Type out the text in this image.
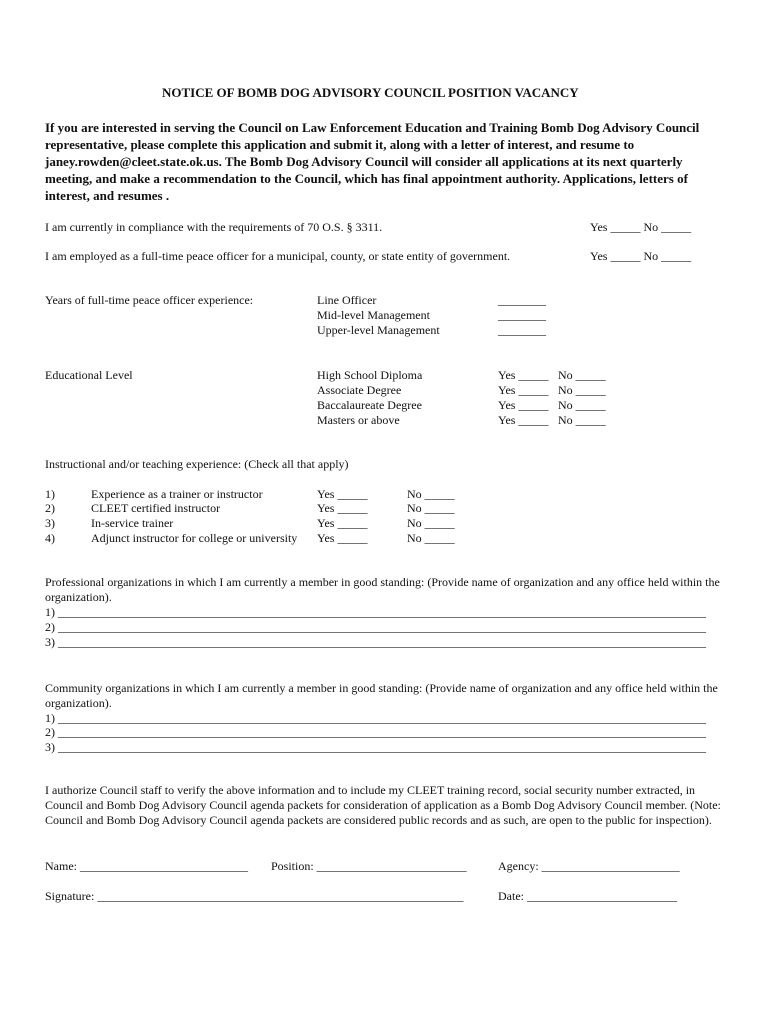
NOTICE OF BOMB DOG ADVISORY COUNCIL POSITION VACANCY
If you are interested in serving the Council on Law Enforcement Education and Training Bomb Dog Advisory Council representative, please complete this application and submit it, along with a letter of interest, and resume to janey.rowden@cleet.state.ok.us. The Bomb Dog Advisory Council will consider all applications at its next quarterly meeting, and make a recommendation to the Council, which has final appointment authority. Applications, letters of interest, and resumes .
I am currently in compliance with the requirements of 70 O.S. § 3311.	Yes _____ No _____
I am employed as a full-time peace officer for a municipal, county, or state entity of government.	Yes _____ No _____
Years of full-time peace officer experience:	Line Officer	________
Mid-level Management	________
Upper-level Management	________
Educational Level	High School Diploma	Yes _____ No _____
Associate Degree	Yes _____ No _____
Baccalaureate Degree	Yes _____ No _____
Masters or above	Yes _____ No _____
Instructional and/or teaching experience: (Check all that apply)
1)	Experience as a trainer or instructor	Yes _____	No _____
2)	CLEET certified instructor	Yes _____	No _____
3)	In-service trainer	Yes _____	No _____
4)	Adjunct instructor for college or university Yes _____	No _____
Professional organizations in which I am currently a member in good standing: (Provide name of organization and any office held within the organization).
1) ____________________________________________________________________________________________________________
2) ____________________________________________________________________________________________________________
3) ____________________________________________________________________________________________________________
Community organizations in which I am currently a member in good standing: (Provide name of organization and any office held within the organization).
1) ____________________________________________________________________________________________________________
2) ____________________________________________________________________________________________________________
3) ____________________________________________________________________________________________________________
I authorize Council staff to verify the above information and to include my CLEET training record, social security number extracted, in Council and Bomb Dog Advisory Council agenda packets for consideration of application as a Bomb Dog Advisory Council member. (Note: Council and Bomb Dog Advisory Council agenda packets are considered public records and as such, are open to the public for inspection).
Name: ____________________________ Position: _________________________	Agency: _______________________
Signature: _____________________________________________________________	Date: _________________________
